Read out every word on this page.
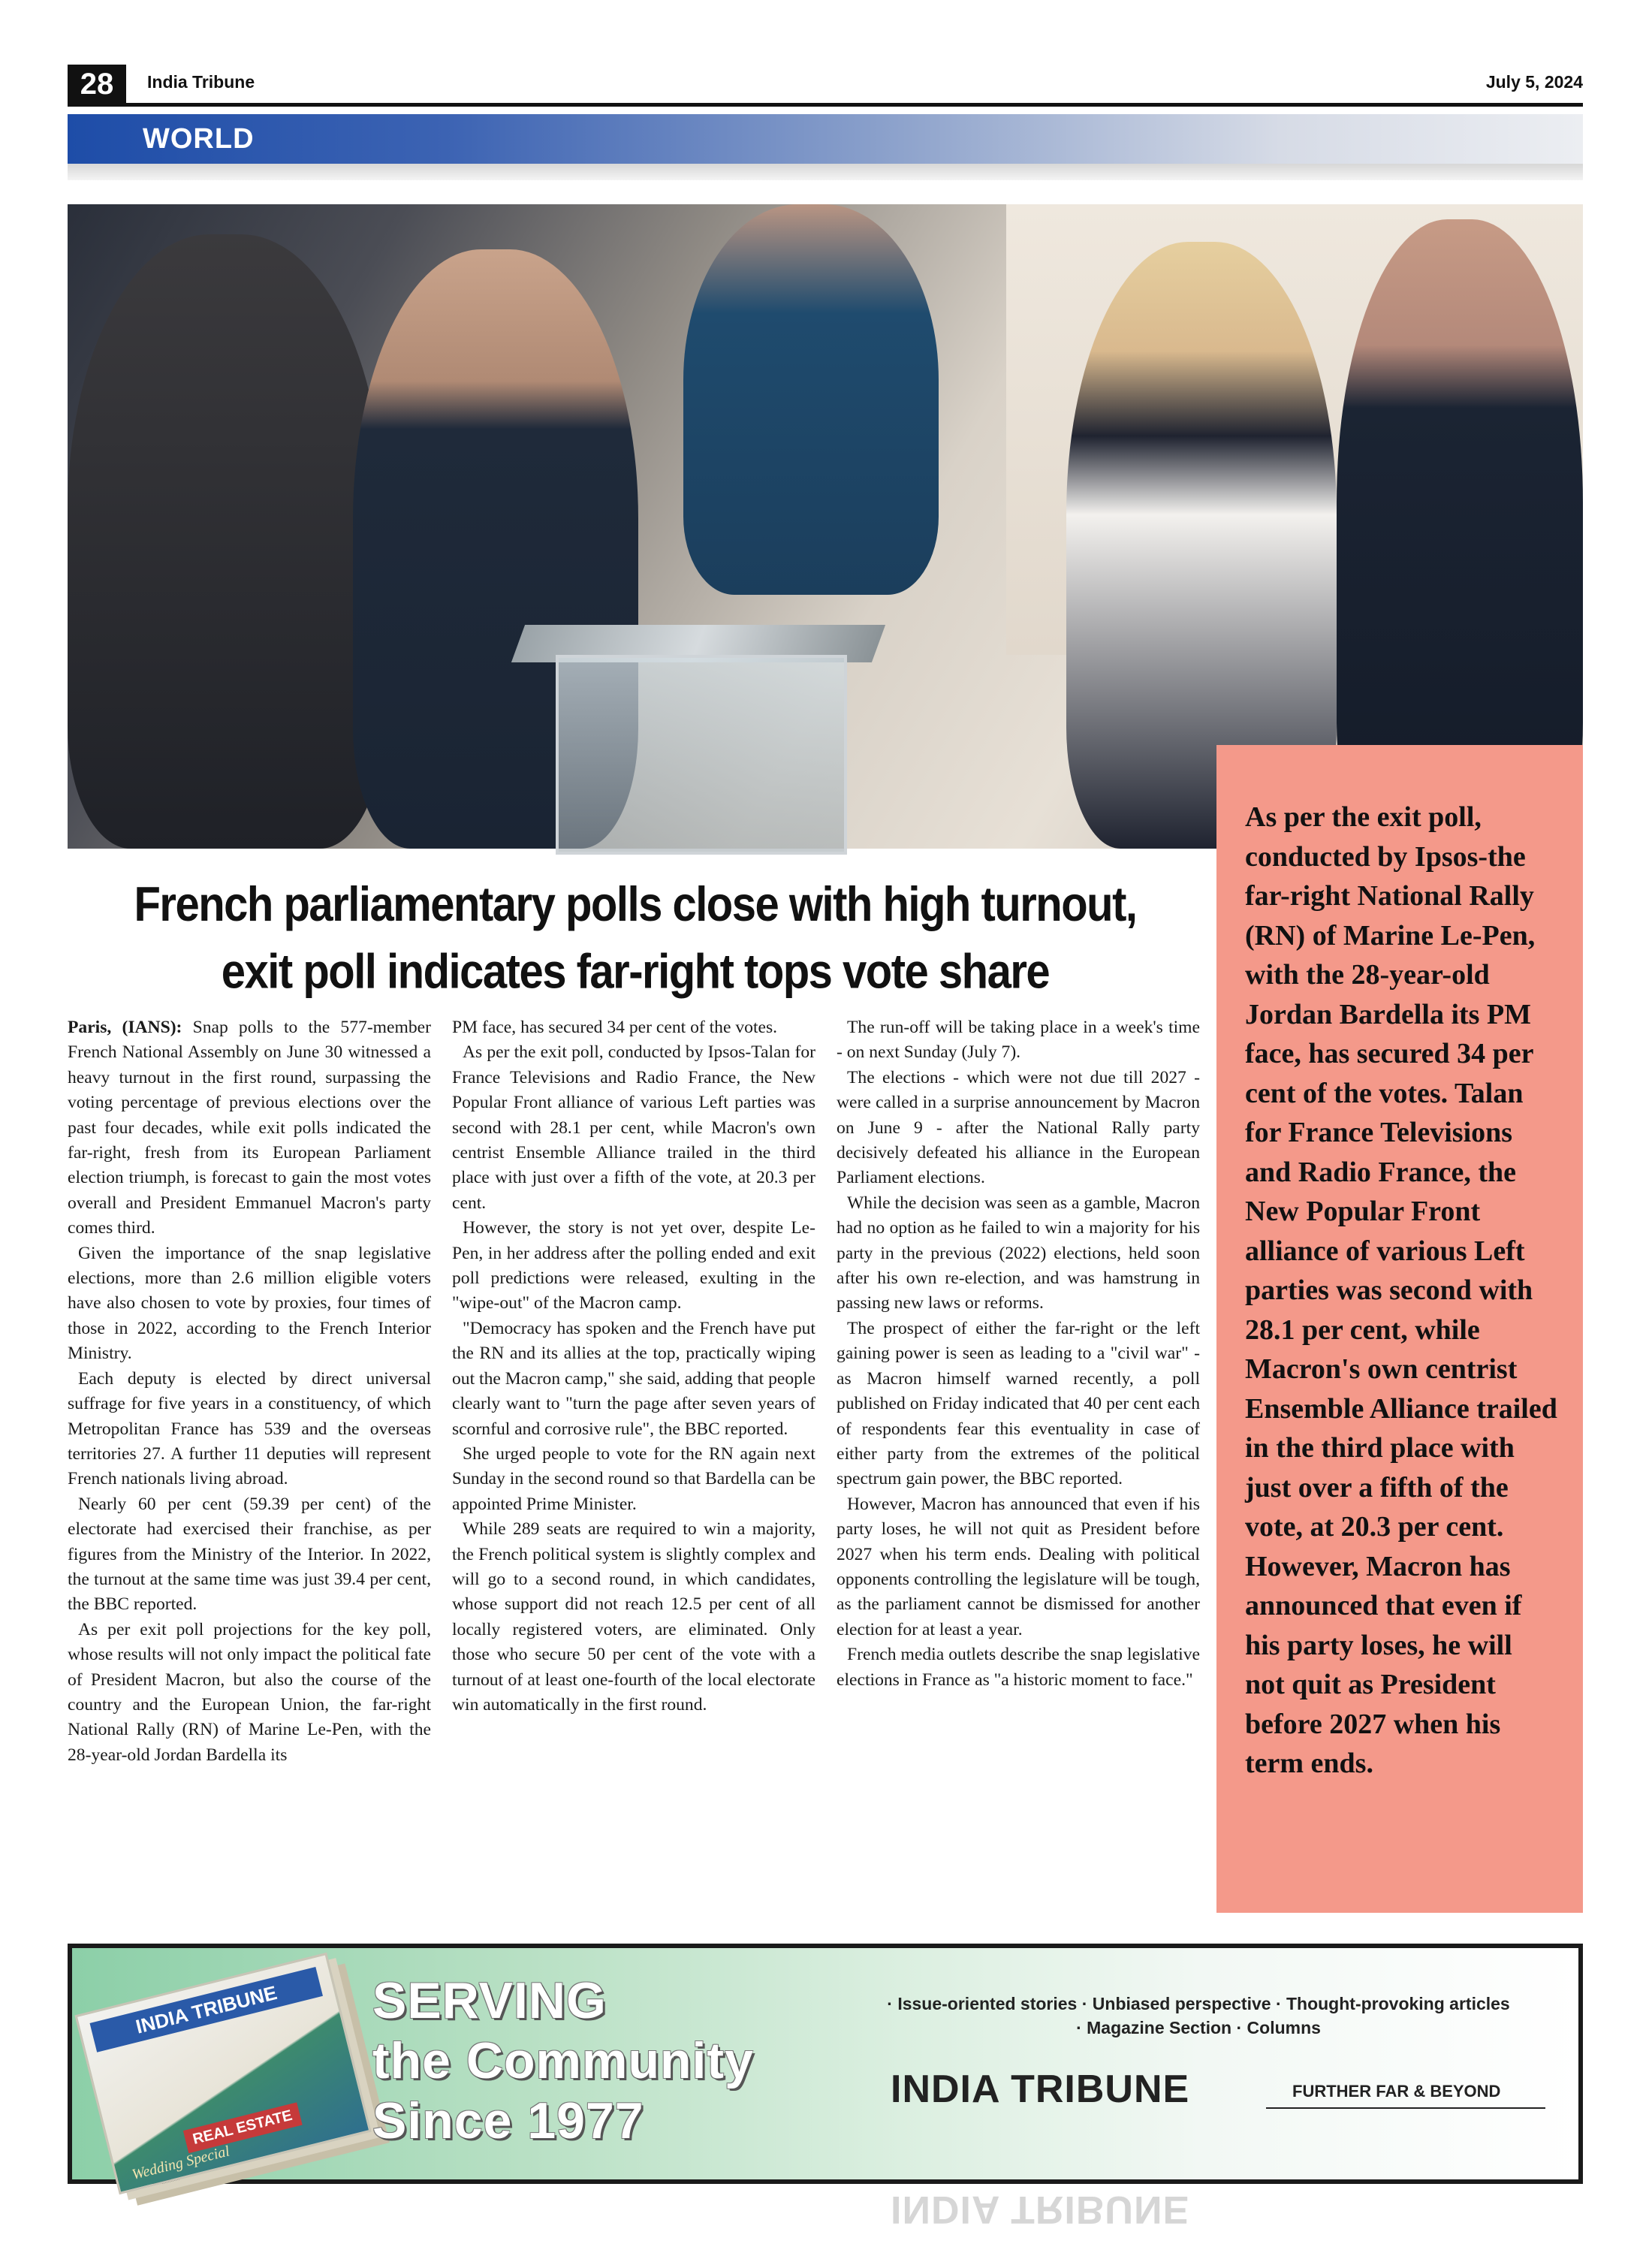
28	India Tribune	July 5, 2024
WORLD

As per the exit poll, conducted by Ipsos-the far-right National Rally (RN) of Marine Le-Pen, with the 28-year-old Jordan Bardella its PM face, has secured 34 per cent of the votes. Talan for France Televisions and Radio France, the New Popular Front alliance of various Left parties was second with 28.1 per cent, while Macron's own centrist Ensemble Alliance trailed in the third place with just over a fifth of the vote, at 20.3 per cent. However, Macron has announced that even if his party loses, he will not quit as President before 2027 when his term ends.

French parliamentary polls close with high turnout,
exit poll indicates far-right tops vote share

Paris, (IANS): Snap polls to the 577-member French National Assembly on June 30 witnessed a heavy turnout in the first round, surpassing the voting percentage of previous elections over the past four decades, while exit polls indicated the far-right, fresh from its European Parliament election triumph, is forecast to gain the most votes overall and President Emmanuel Macron's party comes third.

Given the importance of the snap legislative elections, more than 2.6 million eligible voters have also chosen to vote by proxies, four times of those in 2022, according to the French Interior Ministry.

Each deputy is elected by direct universal suffrage for five years in a constituency, of which Metropolitan France has 539 and the overseas territories 27. A further 11 deputies will represent French nationals living abroad.

Nearly 60 per cent (59.39 per cent) of the electorate had exercised their franchise, as per figures from the Ministry of the Interior. In 2022, the turnout at the same time was just 39.4 per cent, the BBC reported.

As per exit poll projections for the key poll, whose results will not only impact the political fate of President Macron, but also the course of the country and the European Union, the far-right National Rally (RN) of Marine Le-Pen, with the 28-year-old Jordan Bardella its

PM face, has secured 34 per cent of the votes.

As per the exit poll, conducted by Ipsos-Talan for France Televisions and Radio France, the New Popular Front alliance of various Left parties was second with 28.1 per cent, while Macron's own centrist Ensemble Alliance trailed in the third place with just over a fifth of the vote, at 20.3 per cent.

However, the story is not yet over, despite Le-Pen, in her address after the polling ended and exit poll predictions were released, exulting in the "wipe-out" of the Macron camp.

"Democracy has spoken and the French have put the RN and its allies at the top, practically wiping out the Macron camp," she said, adding that people clearly want to "turn the page after seven years of scornful and corrosive rule", the BBC reported.

She urged people to vote for the RN again next Sunday in the second round so that Bardella can be appointed Prime Minister.

While 289 seats are required to win a majority, the French political system is slightly complex and will go to a second round, in which candidates, whose support did not reach 12.5 per cent of all locally registered voters, are eliminated. Only those who secure 50 per cent of the vote with a turnout of at least one-fourth of the local electorate win automatically in the first round.

The run-off will be taking place in a week's time - on next Sunday (July 7).

The elections - which were not due till 2027 - were called in a surprise announcement by Macron on June 9 - after the National Rally party decisively defeated his alliance in the European Parliament elections.

While the decision was seen as a gamble, Macron had no option as he failed to win a majority for his party in the previous (2022) elections, held soon after his own re-election, and was hamstrung in passing new laws or reforms.

The prospect of either the far-right or the left gaining power is seen as leading to a "civil war" - as Macron himself warned recently, a poll published on Friday indicated that 40 per cent each of respondents fear this eventuality in case of either party from the extremes of the political spectrum gain power, the BBC reported.

However, Macron has announced that even if his party loses, he will not quit as President before 2027 when his term ends. Dealing with political opponents controlling the legislature will be tough, as the parliament cannot be dismissed for another election for at least a year.

French media outlets describe the snap legislative elections in France as "a historic moment to face."

INDIA TRIBUNE
REAL ESTATE
Wedding Special
SERVING
the Community
Since 1977
· Issue-oriented stories · Unbiased perspective · Thought-provoking articles
· Magazine Section · Columns
INDIA TRIBUNE
INDIA TRIBUNE
FURTHER FAR & BEYOND
